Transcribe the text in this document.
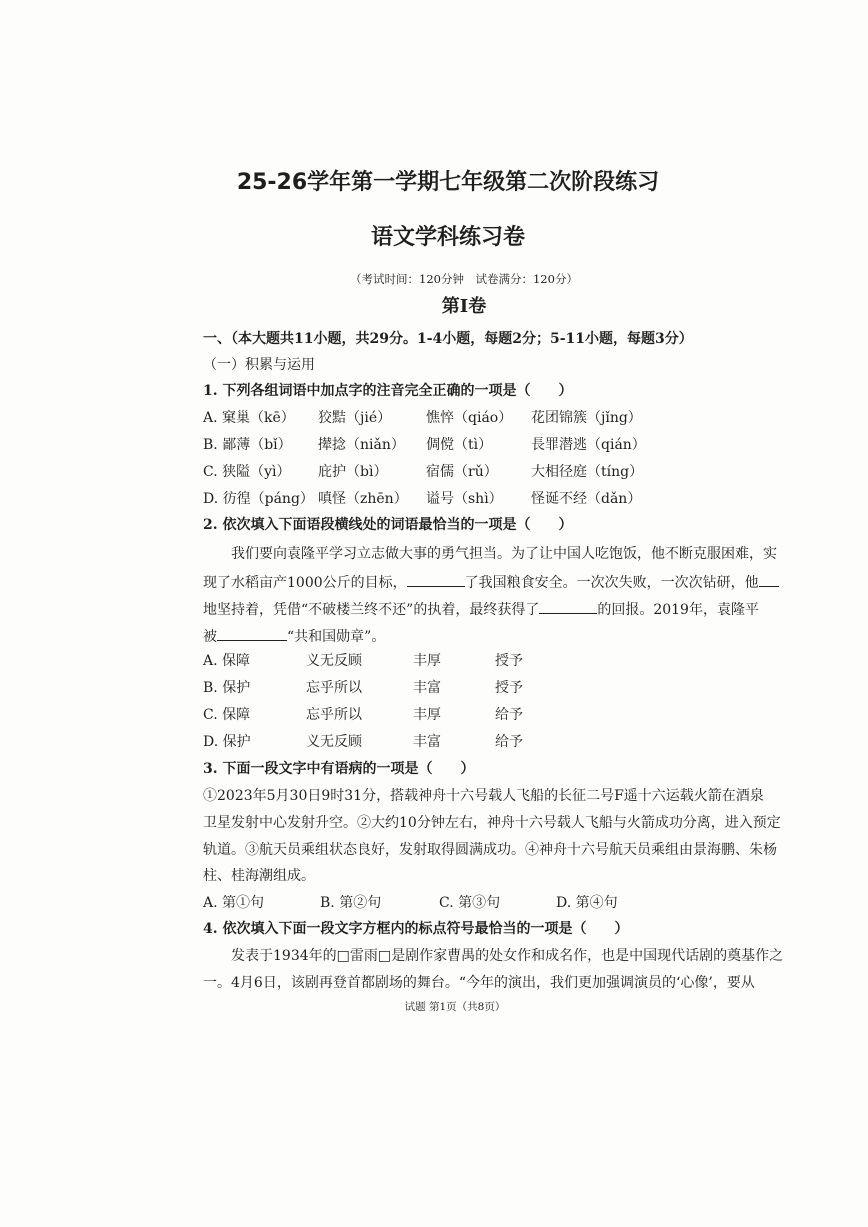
25-26学年第一学期七年级第二次阶段练习
语文学科练习卷
（考试时间：120分钟　试卷满分：120分）
第Ⅰ卷
一、（本大题共11小题，共29分。1-4小题，每题2分；5-11小题，每题3分）
（一）积累与运用
1. 下列各组词语中加点字的注音完全正确的一项是（　　）
A. 窠巢（kē） 狡黠（jié） 憔悴（qiáo） 花团锦簇（jǐng）
B. 鄙薄（bǐ） 撵捻（niǎn） 倜傥（tì）	長罪潜逃（qián）
C. 狭隘（yì） 庇护（bì）	宿儒（rǔ） 大相径庭（tíng）
D. 彷徨（páng） 嗔怪（zhēn） 谥号（shì） 怪诞不经（dǎn）
2. 依次填入下面语段横线处的词语最恰当的一项是（　　）
我们要向袁隆平学习立志做大事的勇气担当。为了让中国人吃饱饭，他不断克服困难，实
现了水稻亩产1000公斤的目标，	了我国粮食安全。一次次失败，一次次钻研，他
地坚持着，凭借“不破楼兰终不还”的执着，最终获得了	的回报。2019年，袁隆平
被	“共和国勋章”。
A. 保障	义无反顾	丰厚	授予
B. 保护	忘乎所以	丰富	授予
C. 保障	忘乎所以	丰厚	给予
D. 保护	义无反顾	丰富	给予
3. 下面一段文字中有语病的一项是（　　）
①2023年5月30日9时31分，搭载神舟十六号载人飞船的长征二号F遥十六运载火箭在酒泉
卫星发射中心发射升空。②大约10分钟左右，神舟十六号载人飞船与火箭成功分离，进入预定
轨道。③航天员乘组状态良好，发射取得圆满成功。④神舟十六号航天员乘组由景海鹏、朱杨
柱、桂海潮组成。
A. 第①句	B. 第②句	C. 第③句	D. 第④句
4. 依次填入下面一段文字方框内的标点符号最恰当的一项是（　　）
发表于1934年的□雷雨□是剧作家曹禺的处女作和成名作，也是中国现代话剧的奠基作之
一。4月6日，该剧再登首都剧场的舞台。“今年的演出，我们更加强调演员的‘心像’，要从
试题 第1页（共8页）
